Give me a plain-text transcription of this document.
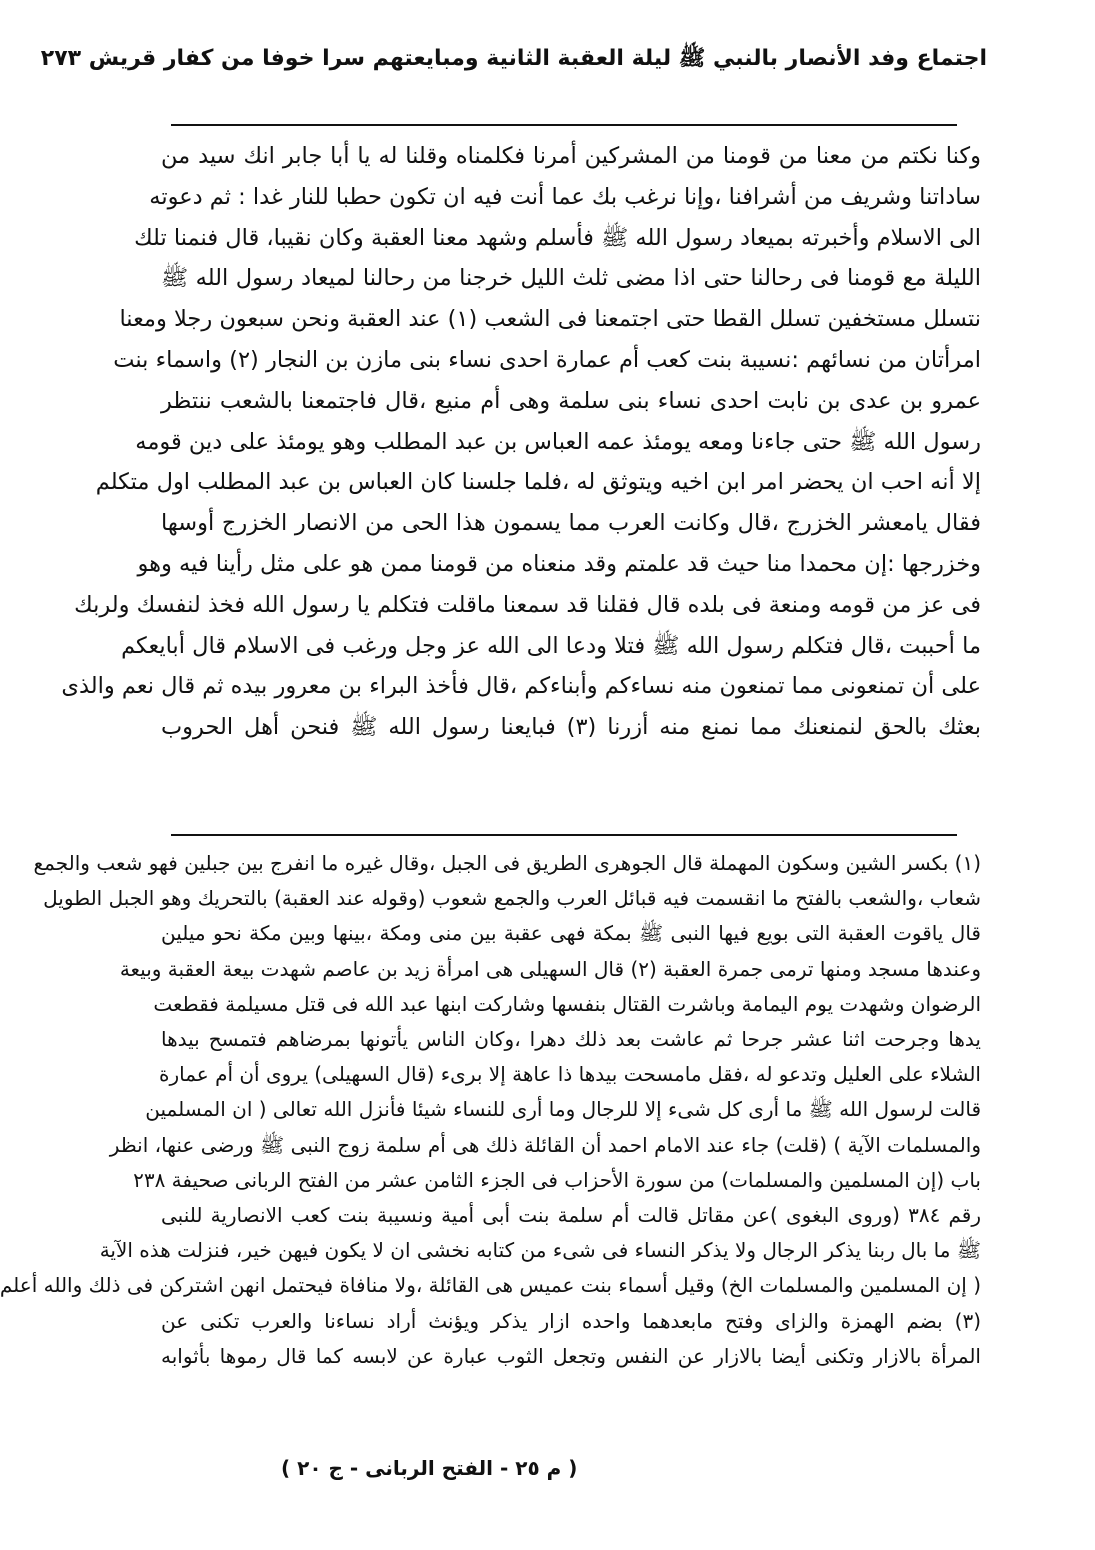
اجتماع وفد الأنصار بالنبي ﷺ ليلة العقبة الثانية ومبايعتهم سرا خوفا من كفار قريش ٢٧٣
وكنا نكتم من معنا من قومنا من المشركين أمرنا فكلمناه وقلنا له يا أبا جابر انك سيد من
ساداتنا وشريف من أشرافنا ،وإنا نرغب بك عما أنت فيه ان تكون حطبا للنار غدا : ثم دعوته
الى الاسلام وأخبرته بميعاد رسول الله ﷺ فأسلم وشهد معنا العقبة وكان نقيبا، قال فنمنا تلك
الليلة مع قومنا فى رحالنا حتى اذا مضى ثلث الليل خرجنا من رحالنا لميعاد رسول الله ﷺ
نتسلل مستخفين تسلل القطا حتى اجتمعنا فى الشعب (١) عند العقبة ونحن سبعون رجلا ومعنا
امرأتان من نسائهم :نسيبة بنت كعب أم عمارة احدى نساء بنى مازن بن النجار (٢) واسماء بنت
عمرو بن عدى بن نابت احدى نساء بنى سلمة وهى أم منيع ،قال فاجتمعنا بالشعب ننتظر
رسول الله ﷺ حتى جاءنا ومعه يومئذ عمه العباس بن عبد المطلب وهو يومئذ على دين قومه
إلا أنه احب ان يحضر امر ابن اخيه ويتوثق له ،فلما جلسنا كان العباس بن عبد المطلب اول متكلم
فقال يامعشر الخزرج ،قال وكانت العرب مما يسمون هذا الحى من الانصار الخزرج أوسها
وخزرجها :إن محمدا منا حيث قد علمتم وقد منعناه من قومنا ممن هو على مثل رأينا فيه وهو
فى عز من قومه ومنعة فى بلده قال فقلنا قد سمعنا ماقلت فتكلم يا رسول الله فخذ لنفسك ولربك
ما أحببت ،قال فتكلم رسول الله ﷺ فتلا ودعا الى الله عز وجل ورغب فى الاسلام قال أبايعكم
على أن تمنعونى مما تمنعون منه نساءكم وأبناءكم ،قال فأخذ البراء بن معرور بيده ثم قال نعم والذى
بعثك بالحق لنمنعنك مما نمنع منه أزرنا (٣) فبايعنا رسول الله ﷺ فنحن أهل الحروب
(١) بكسر الشين وسكون المهملة قال الجوهرى الطريق فى الجبل ،وقال غيره ما انفرج بين جبلين فهو شعب والجمع
شعاب ،والشعب بالفتح ما انقسمت فيه قبائل العرب والجمع شعوب (وقوله عند العقبة) بالتحريك وهو الجبل الطويل
قال ياقوت العقبة التى بويع فيها النبى ﷺ بمكة فهى عقبة بين منى ومكة ،بينها وبين مكة نحو ميلين
وعندها مسجد ومنها ترمى جمرة العقبة (٢) قال السهيلى هى امرأة زيد بن عاصم شهدت بيعة العقبة وبيعة
الرضوان وشهدت يوم اليمامة وباشرت القتال بنفسها وشاركت ابنها عبد الله فى قتل مسيلمة فقطعت
يدها وجرحت اثنا عشر جرحا ثم عاشت بعد ذلك دهرا ،وكان الناس يأتونها بمرضاهم فتمسح بيدها
الشلاء على العليل وتدعو له ،فقل مامسحت بيدها ذا عاهة إلا برىء (قال السهيلى) يروى أن أم عمارة
قالت لرسول الله ﷺ ما أرى كل شىء إلا للرجال وما أرى للنساء شيئا فأنزل الله تعالى ( ان المسلمين
والمسلمات الآية ) (قلت) جاء عند الامام احمد أن القائلة ذلك هى أم سلمة زوج النبى ﷺ ورضى عنها، انظر
باب (إن المسلمين والمسلمات) من سورة الأحزاب فى الجزء الثامن عشر من الفتح الربانى صحيفة ٢٣٨
رقم ٣٨٤ (وروى البغوى )عن مقاتل قالت أم سلمة بنت أبى أمية ونسيبة بنت كعب الانصارية للنبى
ﷺ ما بال ربنا يذكر الرجال ولا يذكر النساء فى شىء من كتابه نخشى ان لا يكون فيهن خير، فنزلت هذه الآية
( إن المسلمين والمسلمات الخ) وقيل أسماء بنت عميس هى القائلة ،ولا منافاة فيحتمل انهن اشتركن فى ذلك والله أعلم
(٣) بضم الهمزة والزاى وفتح مابعدهما واحده ازار يذكر ويؤنث أراد نساءنا والعرب تكنى عن
المرأة بالازار وتكنى أيضا بالازار عن النفس وتجعل الثوب عبارة عن لابسه كما قال رموها بأثوابه
( م ٢٥ - الفتح الربانى - ج ٢٠ )
